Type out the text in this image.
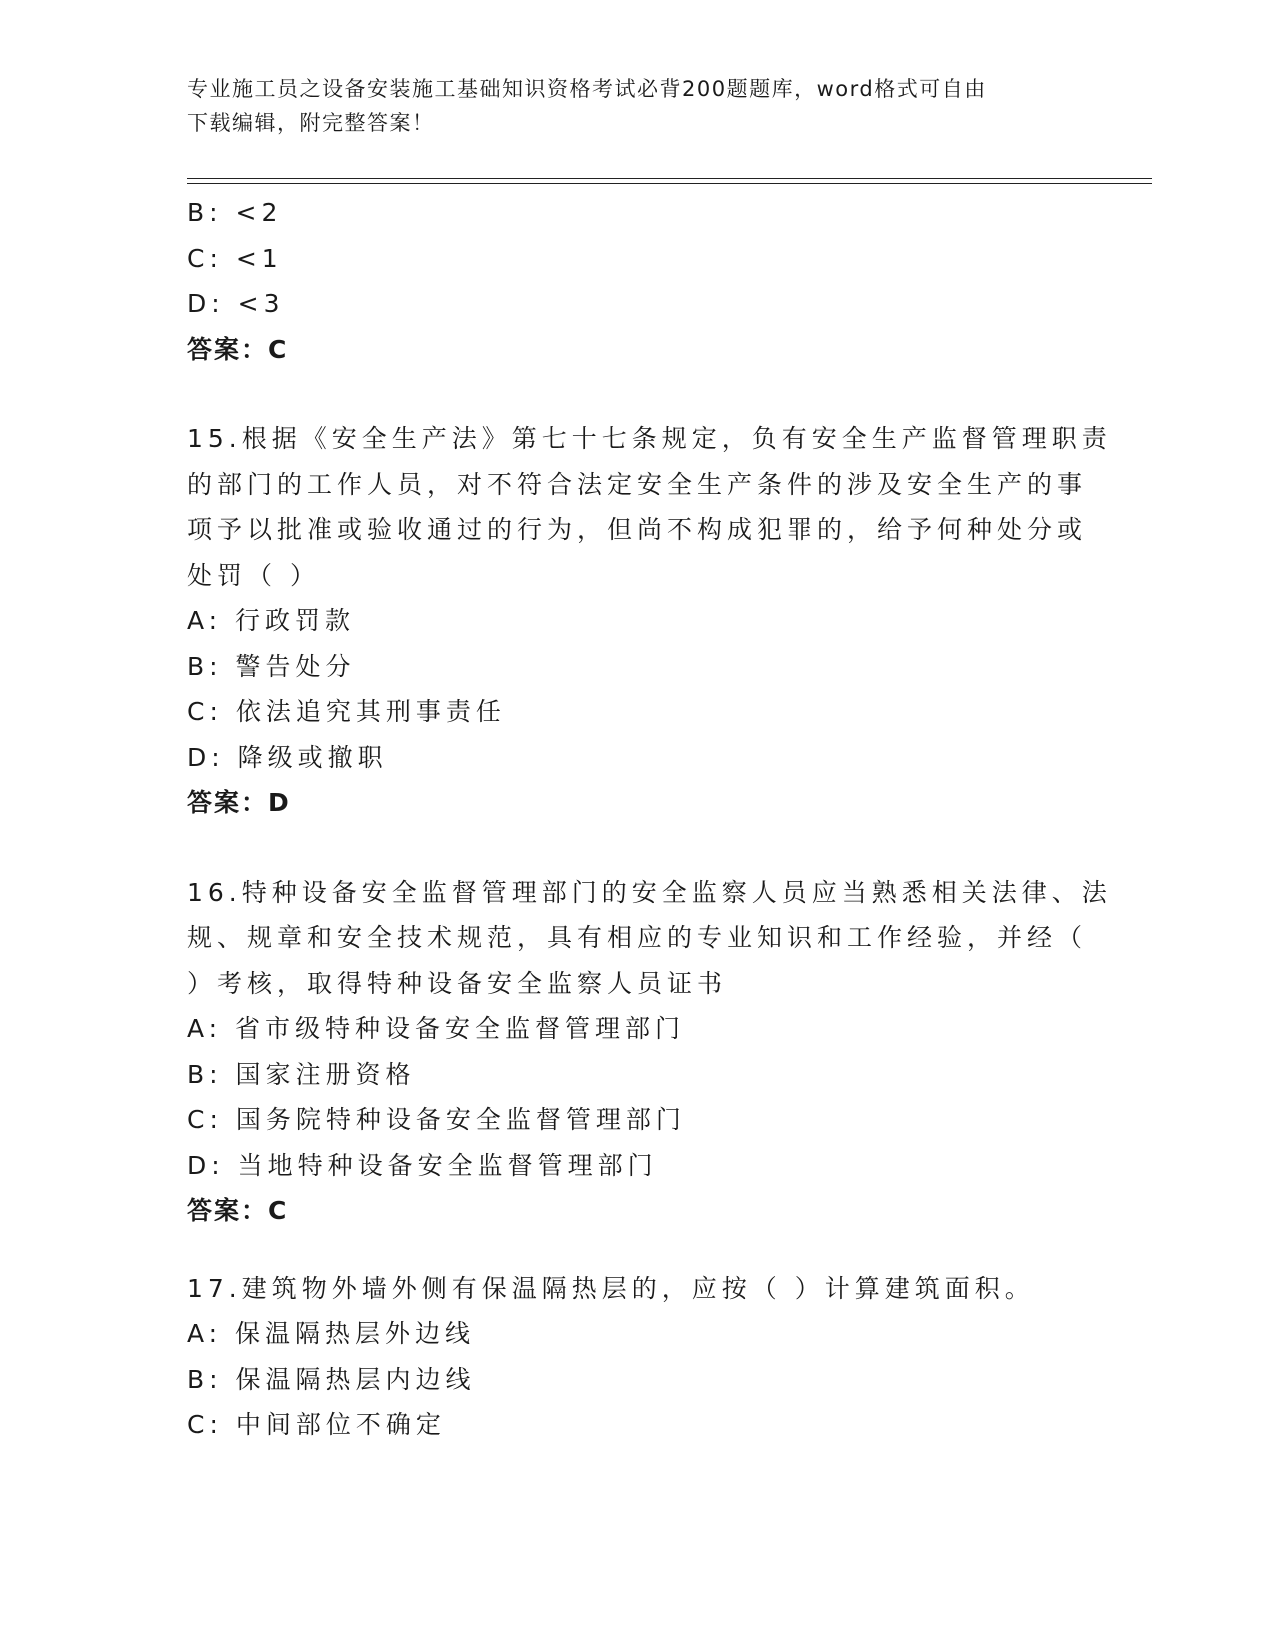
专业施工员之设备安装施工基础知识资格考试必背200题题库，word格式可自由
下载编辑，附完整答案！
B: <2
C: <1
D: <3
答案：C
15.根据《安全生产法》第七十七条规定，负有安全生产监督管理职责
的部门的工作人员，对不符合法定安全生产条件的涉及安全生产的事
项予以批准或验收通过的行为，但尚不构成犯罪的，给予何种处分或
处罚（ ）
A: 行政罚款
B: 警告处分
C: 依法追究其刑事责任
D: 降级或撤职
答案：D
16.特种设备安全监督管理部门的安全监察人员应当熟悉相关法律、法
规、规章和安全技术规范，具有相应的专业知识和工作经验，并经（
）考核，取得特种设备安全监察人员证书
A: 省市级特种设备安全监督管理部门
B: 国家注册资格
C: 国务院特种设备安全监督管理部门
D: 当地特种设备安全监督管理部门
答案：C
17.建筑物外墙外侧有保温隔热层的，应按（ ）计算建筑面积。
A: 保温隔热层外边线
B: 保温隔热层内边线
C: 中间部位不确定
